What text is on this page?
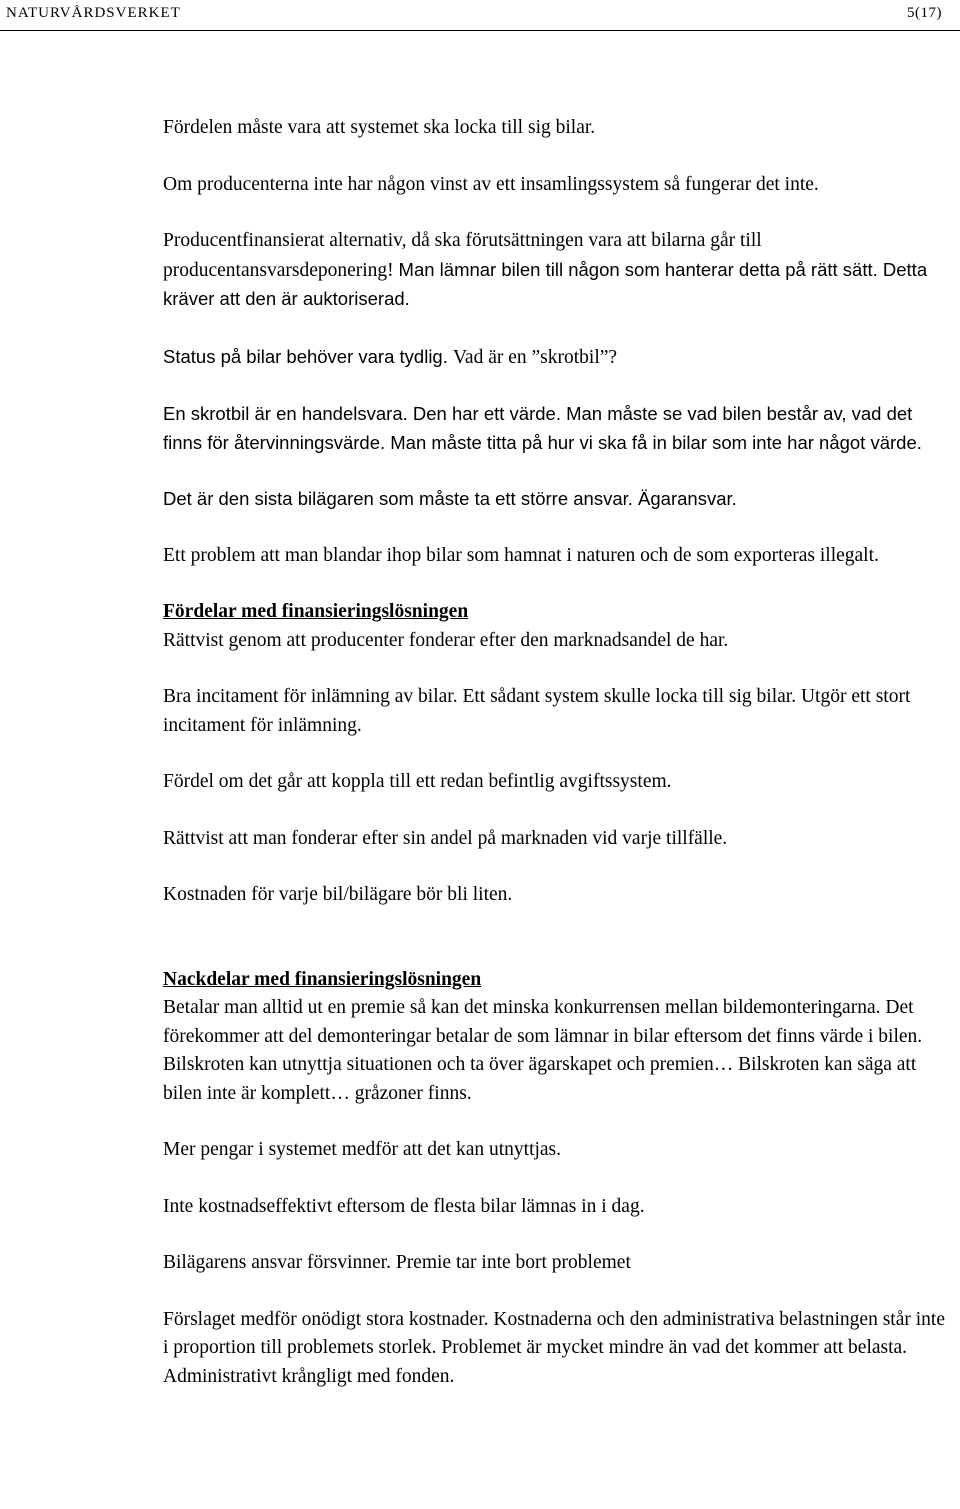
NATURVÅRDSVERKET	5(17)

Fördelen måste vara att systemet ska locka till sig bilar.

Om producenterna inte har någon vinst av ett insamlingssystem så fungerar det inte.

Producentfinansierat alternativ, då ska förutsättningen vara att bilarna går till producentansvarsdeponering! Man lämnar bilen till någon som hanterar detta på rätt sätt. Detta kräver att den är auktoriserad.

Status på bilar behöver vara tydlig. Vad är en ”skrotbil”?

En skrotbil är en handelsvara. Den har ett värde. Man måste se vad bilen består av, vad det finns för återvinningsvärde. Man måste titta på hur vi ska få in bilar som inte har något värde.

Det är den sista bilägaren som måste ta ett större ansvar. Ägaransvar.

Ett problem att man blandar ihop bilar som hamnat i naturen och de som exporteras illegalt.

Fördelar med finansieringslösningen
Rättvist genom att producenter fonderar efter den marknadsandel de har.

Bra incitament för inlämning av bilar. Ett sådant system skulle locka till sig bilar. Utgör ett stort incitament för inlämning.

Fördel om det går att koppla till ett redan befintlig avgiftssystem.

Rättvist att man fonderar efter sin andel på marknaden vid varje tillfälle.

Kostnaden för varje bil/bilägare bör bli liten.

Nackdelar med finansieringslösningen
Betalar man alltid ut en premie så kan det minska konkurrensen mellan bildemonteringarna. Det förekommer att del demonteringar betalar de som lämnar in bilar eftersom det finns värde i bilen. Bilskroten kan utnyttja situationen och ta över ägarskapet och premien… Bilskroten kan säga att bilen inte är komplett… gråzoner finns.

Mer pengar i systemet medför att det kan utnyttjas.

Inte kostnadseffektivt eftersom de flesta bilar lämnas in i dag.

Bilägarens ansvar försvinner. Premie tar inte bort problemet

Förslaget medför onödigt stora kostnader. Kostnaderna och den administrativa belastningen står inte i proportion till problemets storlek. Problemet är mycket mindre än vad det kommer att belasta. Administrativt krångligt med fonden.
